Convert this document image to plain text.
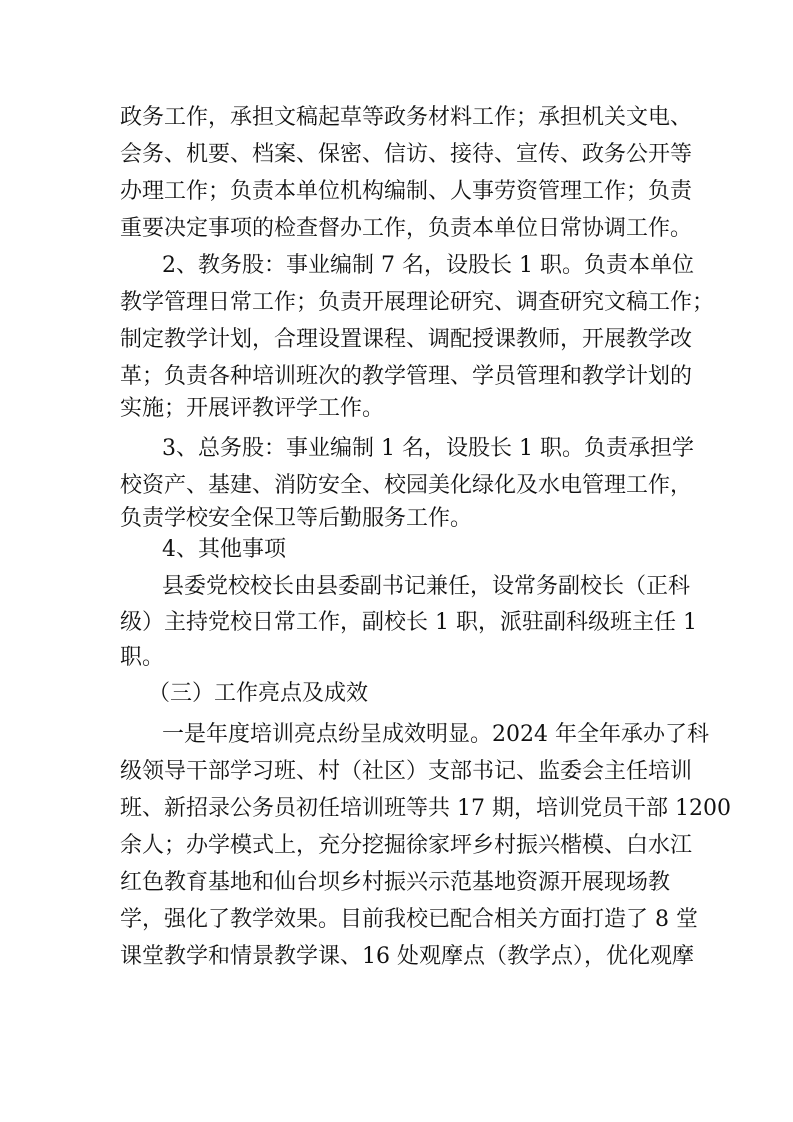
政务工作，承担文稿起草等政务材料工作；承担机关文电、
会务、机要、档案、保密、信访、接待、宣传、政务公开等
办理工作；负责本单位机构编制、人事劳资管理工作；负责
重要决定事项的检查督办工作，负责本单位日常协调工作。
2、教务股：事业编制 7 名，设股长 1 职。负责本单位
教学管理日常工作；负责开展理论研究、调查研究文稿工作；
制定教学计划，合理设置课程、调配授课教师，开展教学改
革；负责各种培训班次的教学管理、学员管理和教学计划的
实施；开展评教评学工作。
3、总务股：事业编制 1 名，设股长 1 职。负责承担学
校资产、基建、消防安全、校园美化绿化及水电管理工作，
负责学校安全保卫等后勤服务工作。
4、其他事项
县委党校校长由县委副书记兼任，设常务副校长（正科
级）主持党校日常工作，副校长 1 职，派驻副科级班主任 1
职。
（三）工作亮点及成效
一是年度培训亮点纷呈成效明显。2024 年全年承办了科
级领导干部学习班、村（社区）支部书记、监委会主任培训
班、新招录公务员初任培训班等共 17 期，培训党员干部 1200
余人；办学模式上，充分挖掘徐家坪乡村振兴楷模、白水江
红色教育基地和仙台坝乡村振兴示范基地资源开展现场教
学，强化了教学效果。目前我校已配合相关方面打造了 8 堂
课堂教学和情景教学课、16 处观摩点（教学点），优化观摩
